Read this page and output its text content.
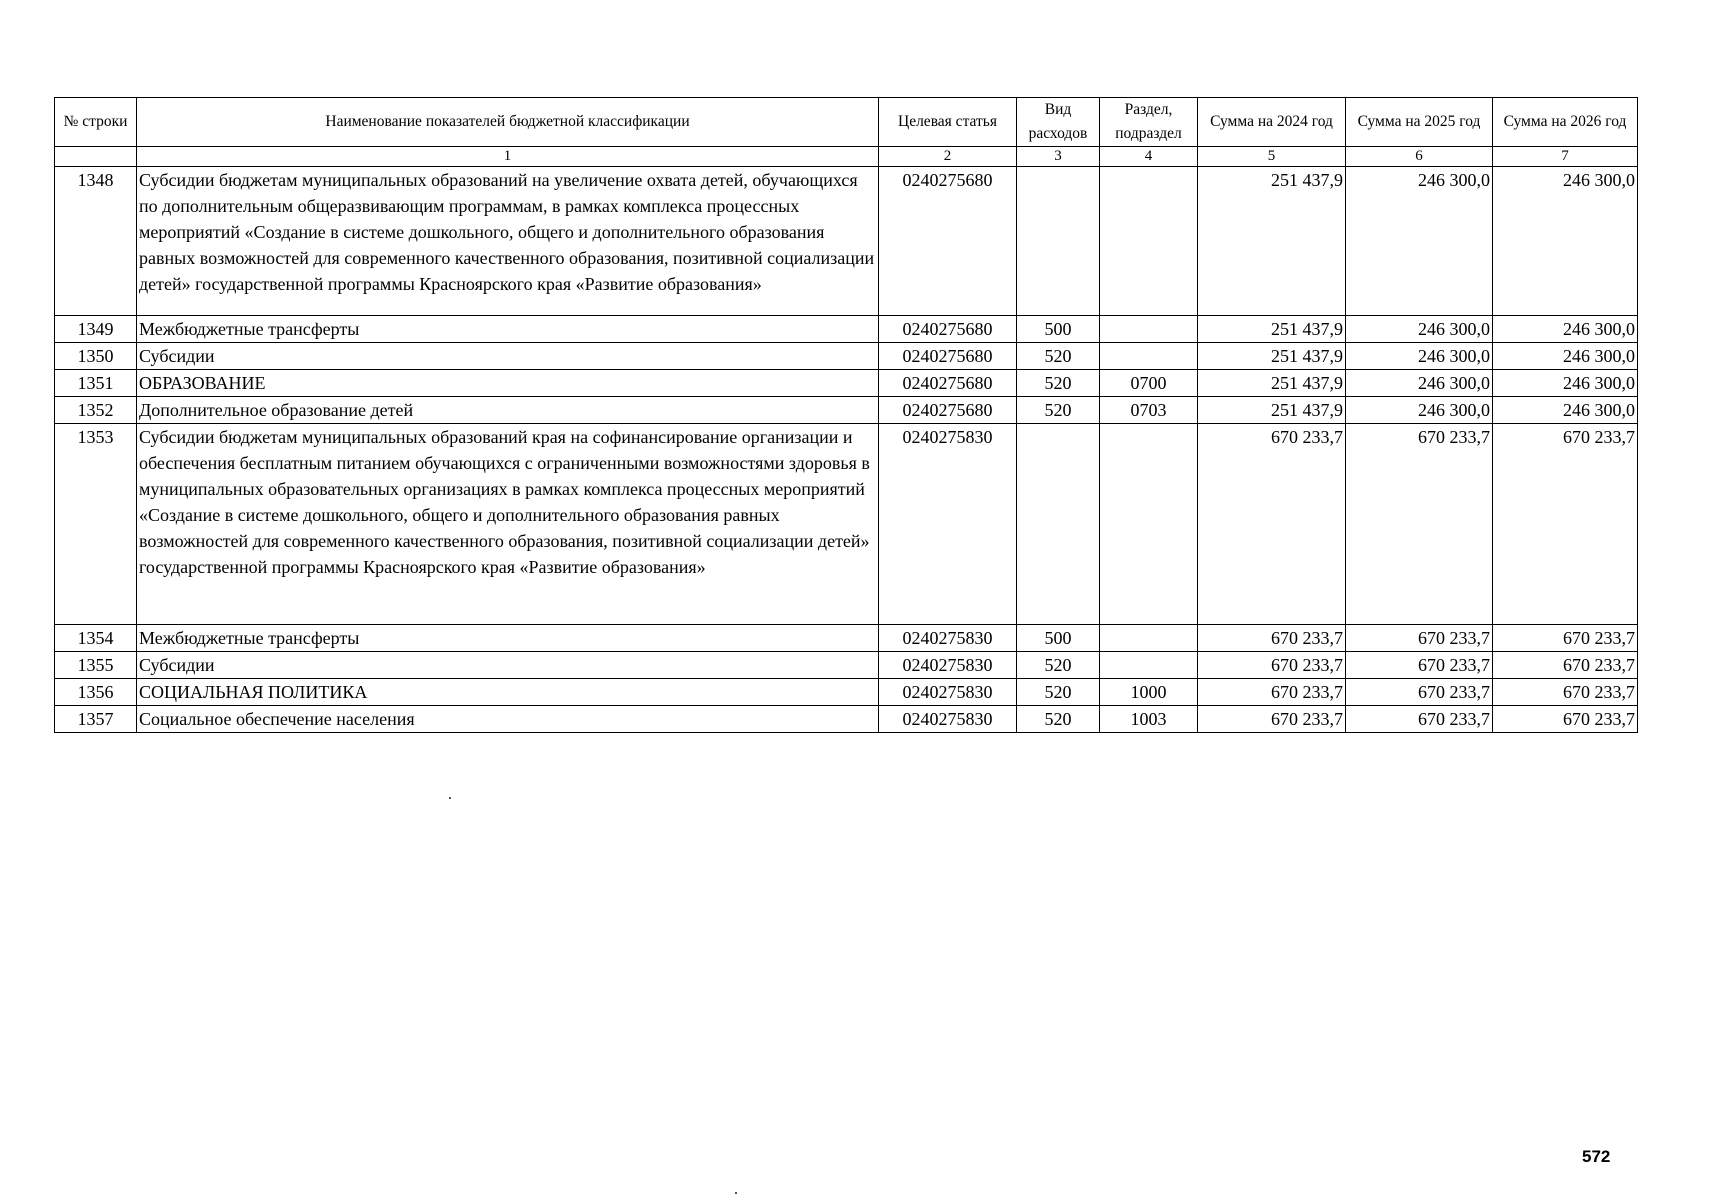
№ строки	Наименование показателей бюджетной классификации	Целевая статья	Вид расходов	Раздел, подраздел	Сумма на 2024 год	Сумма на 2025 год	Сумма на 2026 год
	1	2	3	4	5	6	7
1348	Субсидии бюджетам муниципальных образований на увеличение охвата детей, обучающихся по дополнительным общеразвивающим программам, в рамках комплекса процессных мероприятий «Создание в системе дошкольного, общего и дополнительного образования равных возможностей для современного качественного образования, позитивной социализации детей» государственной программы Красноярского края «Развитие образования»	0240275680			251 437,9	246 300,0	246 300,0
1349	Межбюджетные трансферты	0240275680	500		251 437,9	246 300,0	246 300,0
1350	Субсидии	0240275680	520		251 437,9	246 300,0	246 300,0
1351	ОБРАЗОВАНИЕ	0240275680	520	0700	251 437,9	246 300,0	246 300,0
1352	Дополнительное образование детей	0240275680	520	0703	251 437,9	246 300,0	246 300,0
1353	Субсидии бюджетам муниципальных образований края на софинансирование организации и обеспечения бесплатным питанием обучающихся с ограниченными возможностями здоровья в муниципальных образовательных организациях в рамках комплекса процессных мероприятий «Создание в системе дошкольного, общего и дополнительного образования равных возможностей для современного качественного образования, позитивной социализации детей» государственной программы Красноярского края «Развитие образования»	0240275830			670 233,7	670 233,7	670 233,7
1354	Межбюджетные трансферты	0240275830	500		670 233,7	670 233,7	670 233,7
1355	Субсидии	0240275830	520		670 233,7	670 233,7	670 233,7
1356	СОЦИАЛЬНАЯ ПОЛИТИКА	0240275830	520	1000	670 233,7	670 233,7	670 233,7
1357	Социальное обеспечение населения	0240275830	520	1003	670 233,7	670 233,7	670 233,7
572
